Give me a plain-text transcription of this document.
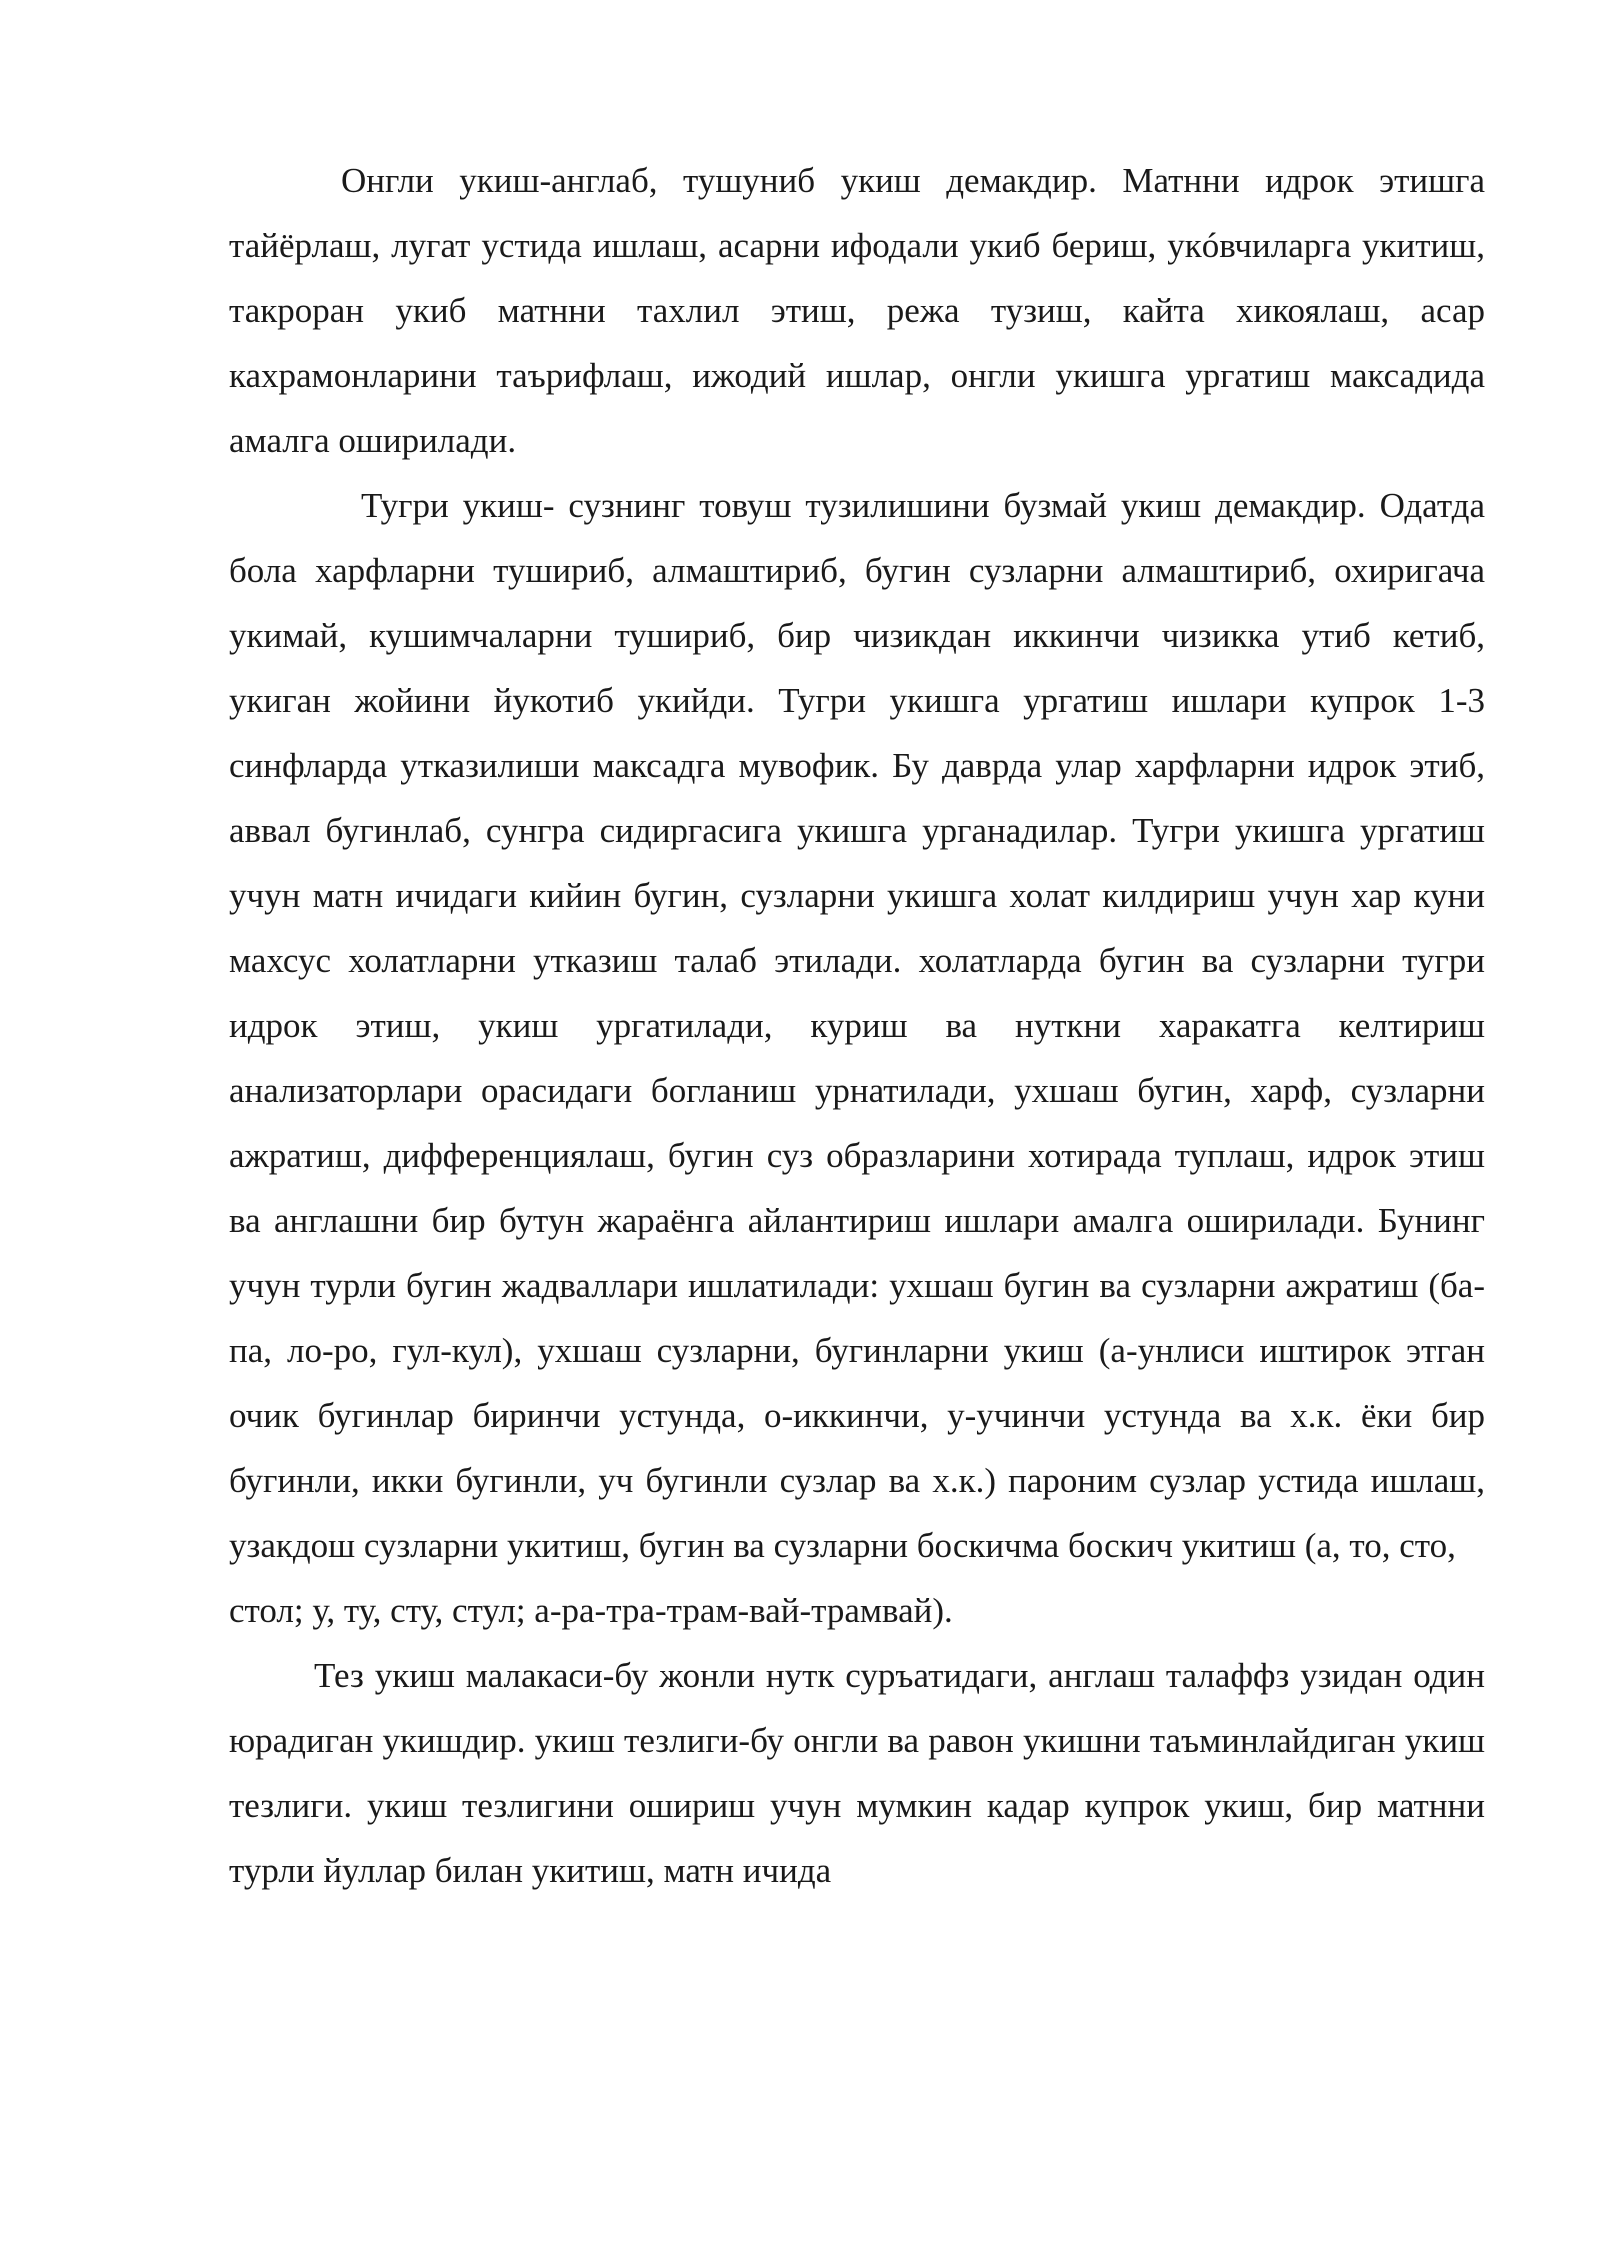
Онгли укиш-англаб, тушуниб укиш демакдир. Матнни идрок этишга тайёрлаш, лугат устида ишлаш, асарни ифодали укиб бериш, укóвчиларга укитиш, такроран укиб матнни тахлил этиш, режа тузиш, кайта хикоялаш, асар кахрамонларини таърифлаш, ижодий ишлар, онгли укишга ургатиш максадида амалга оширилади.

Тугри укиш- сузнинг товуш тузилишини бузмай укиш демакдир. Одатда бола харфларни тушириб, алмаштириб, бугин сузларни алмаштириб, охиригача укимай, кушимчаларни тушириб, бир чизикдан иккинчи чизикка утиб кетиб, укиган жойини йукотиб укийди. Тугри укишга ургатиш ишлари купрок 1-3 синфларда утказилиши максадга мувофик. Бу даврда улар харфларни идрок этиб, аввал бугинлаб, сунгра сидиргасига укишга урганадилар. Тугри укишга ургатиш учун матн ичидаги кийин бугин, сузларни укишга холат килдириш учун хар куни махсус холатларни утказиш талаб этилади. холатларда бугин ва сузларни тугри идрок этиш, укиш ургатилади, куриш ва нуткни харакатга келтириш анализаторлари орасидаги богланиш урнатилади, ухшаш бугин, харф, сузларни ажратиш, дифференциялаш, бугин суз образларини хотирада туплаш, идрок этиш ва англашни бир бутун жараёнга айлантириш ишлари амалга оширилади. Бунинг учун турли бугин жадваллари ишлатилади: ухшаш бугин ва сузларни ажратиш (ба-па, ло-ро, гул-кул), ухшаш сузларни, бугинларни укиш (а-унлиси иштирок этган очик бугинлар биринчи устунда, о-иккинчи, у-учинчи устунда ва х.к. ёки бир бугинли, икки бугинли, уч бугинли сузлар ва х.к.) пароним сузлар устида ишлаш, узакдош сузларни укитиш, бугин ва сузларни боскичма боскич укитиш (а, то, сто,

стол; у, ту, сту, стул; а-ра-тра-трам-вай-трамвай).

Тез укиш малакаси-бу жонли нутк суръатидаги, англаш талаффз узидан один юрадиган укишдир. укиш тезлиги-бу онгли ва равон укишни таъминлайдиган укиш тезлиги. укиш тезлигини ошириш учун мумкин кадар купрок укиш, бир матнни турли йуллар билан укитиш, матн ичида
